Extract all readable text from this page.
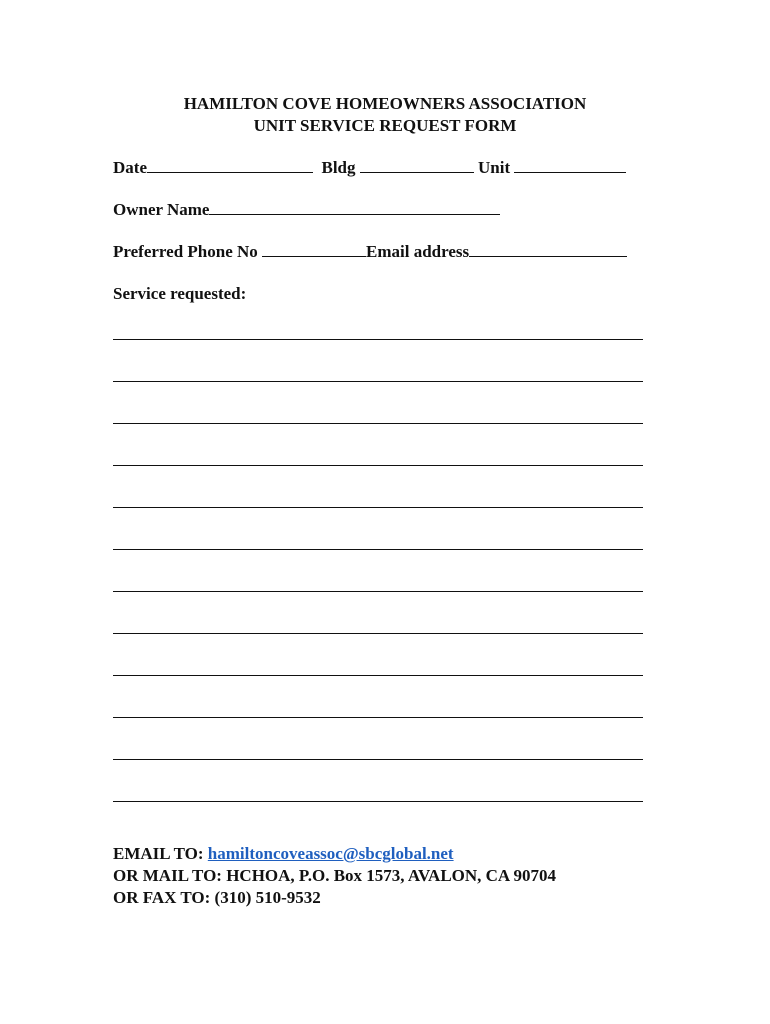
HAMILTON COVE HOMEOWNERS ASSOCIATION
UNIT SERVICE REQUEST FORM
Date	Bldg	Unit
Owner Name
Preferred Phone No	Email address
Service requested:
EMAIL TO: hamiltoncoveassoc@sbcglobal.net
OR MAIL TO: HCHOA, P.O. Box 1573, AVALON, CA 90704
OR FAX TO: (310) 510-9532
